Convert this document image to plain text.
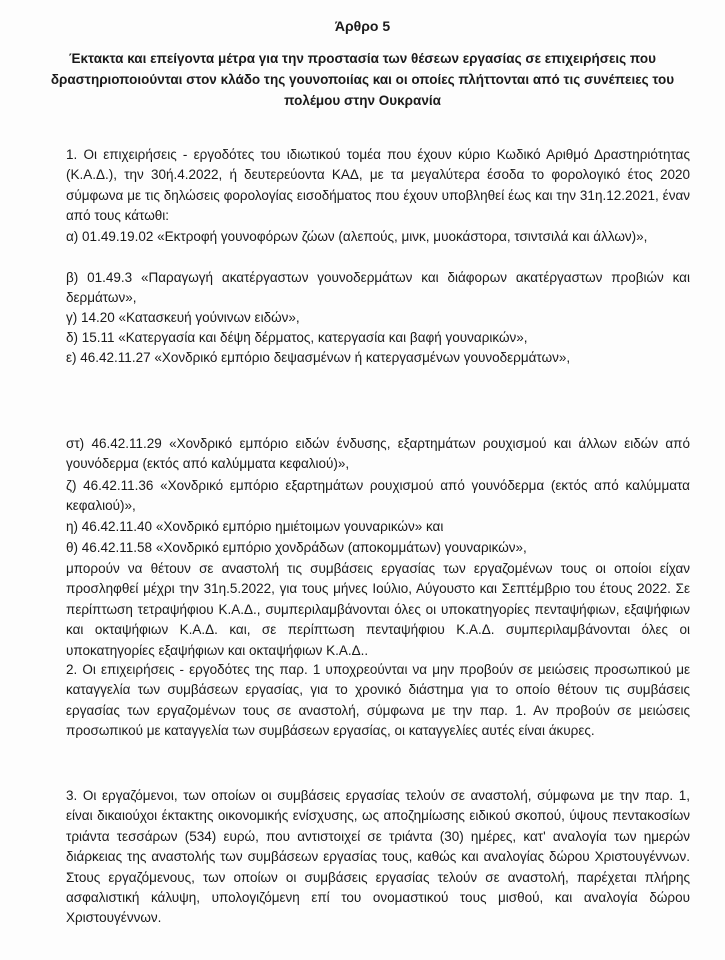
Άρθρο 5
Έκτακτα και επείγοντα μέτρα για την προστασία των θέσεων εργασίας σε επιχειρήσεις που δραστηριοποιούνται στον κλάδο της γουνοποιίας και οι οποίες πλήττονται από τις συνέπειες του πολέμου στην Ουκρανία

1. Οι επιχειρήσεις - εργοδότες του ιδιωτικού τομέα που έχουν κύριο Κωδικό Αριθμό Δραστηριότητας (Κ.Α.Δ.), την 30ή.4.2022, ή δευτερεύοντα ΚΑΔ, με τα μεγαλύτερα έσοδα το φορολογικό έτος 2020 σύμφωνα με τις δηλώσεις φορολογίας εισοδήματος που έχουν υποβληθεί έως και την 31η.12.2021, έναν από τους κάτωθι:

α) 01.49.19.02 «Εκτροφή γουνοφόρων ζώων (αλεπούς, μινκ, μυοκάστορα, τσιντσιλά και άλλων)»,

β) 01.49.3 «Παραγωγή ακατέργαστων γουνοδερμάτων και διάφορων ακατέργαστων προβιών και δερμάτων»,

γ) 14.20 «Κατασκευή γούνινων ειδών»,

δ) 15.11 «Κατεργασία και δέψη δέρματος, κατεργασία και βαφή γουναρικών»,

ε) 46.42.11.27 «Χονδρικό εμπόριο δεψασμένων ή κατεργασμένων γουνοδερμάτων»,

στ) 46.42.11.29 «Χονδρικό εμπόριο ειδών ένδυσης, εξαρτημάτων ρουχισμού και άλλων ειδών από γουνόδερμα (εκτός από καλύμματα κεφαλιού)»,

ζ) 46.42.11.36 «Χονδρικό εμπόριο εξαρτημάτων ρουχισμού από γουνόδερμα (εκτός από καλύμματα κεφαλιού)»,

η) 46.42.11.40 «Χονδρικό εμπόριο ημιέτοιμων γουναρικών» και

θ) 46.42.11.58 «Χονδρικό εμπόριο χονδράδων (αποκομμάτων) γουναρικών»,

μπορούν να θέτουν σε αναστολή τις συμβάσεις εργασίας των εργαζομένων τους οι οποίοι είχαν προσληφθεί μέχρι την 31η.5.2022, για τους μήνες Ιούλιο, Αύγουστο και Σεπτέμβριο του έτους 2022. Σε περίπτωση τετραψήφιου Κ.Α.Δ., συμπεριλαμβάνονται όλες οι υποκατηγορίες πενταψήφιων, εξαψήφιων και οκταψήφιων Κ.Α.Δ. και, σε περίπτωση πενταψήφιου Κ.Α.Δ. συμπεριλαμβάνονται όλες οι υποκατηγορίες εξαψήφιων και οκταψήφιων Κ.Α.Δ..

2. Οι επιχειρήσεις - εργοδότες της παρ. 1 υποχρεούνται να μην προβούν σε μειώσεις προσωπικού με καταγγελία των συμβάσεων εργασίας, για το χρονικό διάστημα για το οποίο θέτουν τις συμβάσεις εργασίας των εργαζομένων τους σε αναστολή, σύμφωνα με την παρ. 1. Αν προβούν σε μειώσεις προσωπικού με καταγγελία των συμβάσεων εργασίας, οι καταγγελίες αυτές είναι άκυρες.

3. Οι εργαζόμενοι, των οποίων οι συμβάσεις εργασίας τελούν σε αναστολή, σύμφωνα με την παρ. 1, είναι δικαιούχοι έκτακτης οικονομικής ενίσχυσης, ως αποζημίωσης ειδικού σκοπού, ύψους πεντακοσίων τριάντα τεσσάρων (534) ευρώ, που αντιστοιχεί σε τριάντα (30) ημέρες, κατ' αναλογία των ημερών διάρκειας της αναστολής των συμβάσεων εργασίας τους, καθώς και αναλογίας δώρου Χριστουγέννων. Στους εργαζόμενους, των οποίων οι συμβάσεις εργασίας τελούν σε αναστολή, παρέχεται πλήρης ασφαλιστική κάλυψη, υπολογιζόμενη επί του ονομαστικού τους μισθού, και αναλογία δώρου Χριστουγέννων.
